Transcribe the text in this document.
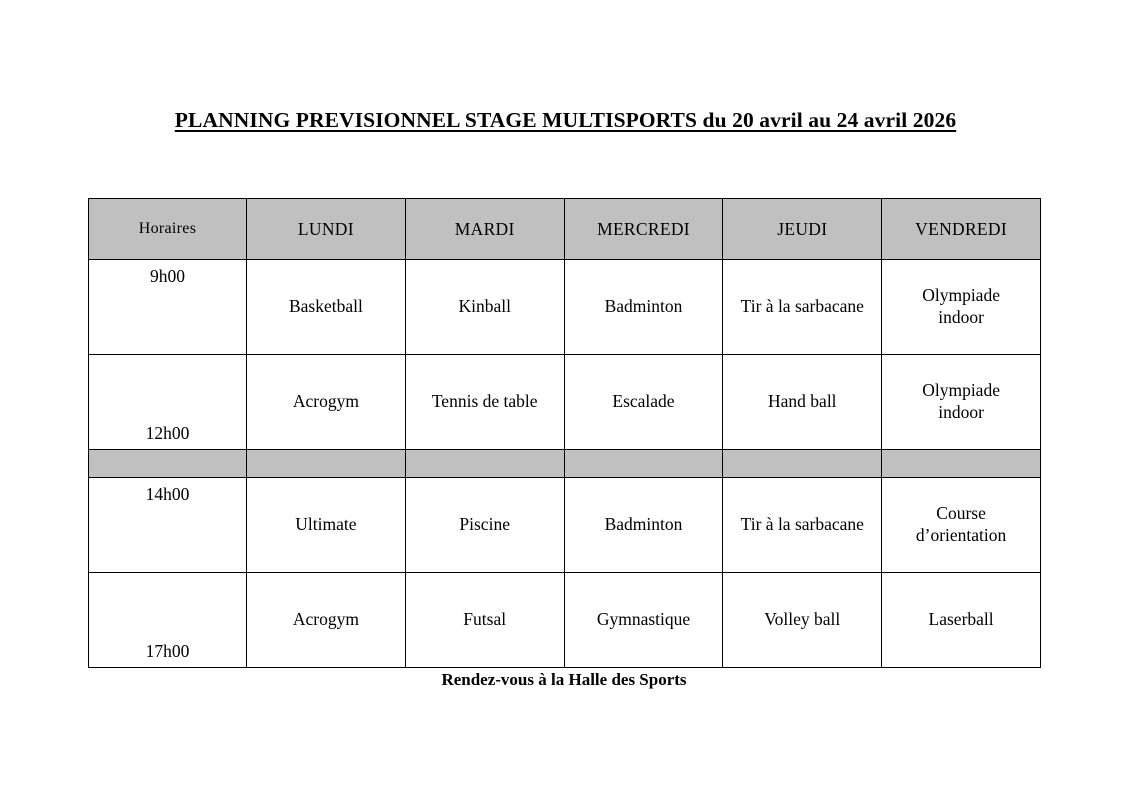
PLANNING PREVISIONNEL STAGE MULTISPORTS du 20 avril au 24 avril 2026
Horaires	LUNDI	MARDI	MERCREDI	JEUDI	VENDREDI

9h00	Basketball	Kinball	Badminton	Tir à la sarbacane	Olympiade
indoor

12h00	Acrogym	Tennis de table	Escalade	Hand ball	Olympiade
indoor

14h00	Ultimate	Piscine	Badminton	Tir à la sarbacane	Course
d’orientation

17h00	Acrogym	Futsal	Gymnastique	Volley ball	Laserball
Rendez-vous à la Halle des Sports
